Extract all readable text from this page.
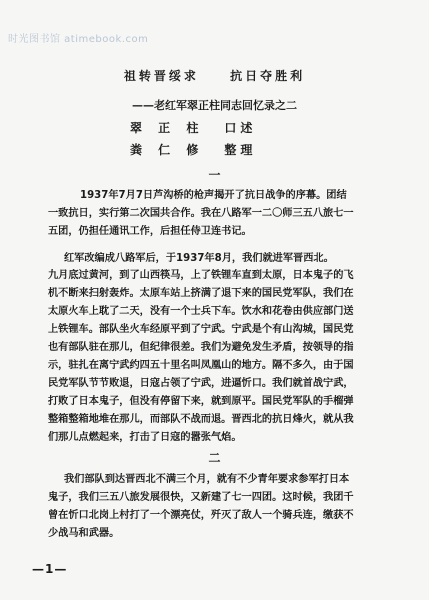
时光图书馆 atimebook.com
祖转晋绥求	抗日夺胜利
——老红军翠正柱同志回忆录之二
翠 正 柱 口述
粪 仁 修 整理
一
1937年7月7日芦沟桥的枪声揭开了抗日战争的序幕。团结
一致抗日，实行第二次国共合作。我在八路军一二〇师三五八旅七一
五团，仍担任通讯工作，后担任侍卫连书记。
红军改编成八路军后，于1937年8月，我们就进军晋西北。
九月底过黄河，到了山西筷马，上了铁锂车直到太原，日本鬼子的飞
机不断来扫射轰炸。太原车站上挤满了退下来的国民党军队，我们在
太原火车上耽了二天，没有一个士兵下车。饮水和花卷由供应部门送
上铁锂车。部队坐火车经原平到了宁武。宁武是个有山沟城，国民党
也有部队驻在那儿，但纪律很差。我们为避免发生矛盾，按领导的指
示，驻扎在离宁武约四五十里名叫凤凰山的地方。隔不多久，由于国
民党军队节节败退，日寇占领了宁武，进逼忻口。我们就首战宁武，
打败了日本鬼子，但没有停留下来，就到原平。国民党军队的手榴弹
整箱整箱地堆在那儿，而部队不战而退。晋西北的抗日烽火，就从我
们那儿点燃起来，打击了日寇的嚣张气焰。
二
我们部队到达晋西北不满三个月，就有不少青年要求参军打日本
鬼子，我们三五八旅发展很快，又新建了七一四团。这时候，我团千
曾在忻口北岗上村打了一个漂亮仗，歼灭了敌人一个骑兵连，缴获不
少战马和武器。
—1—
